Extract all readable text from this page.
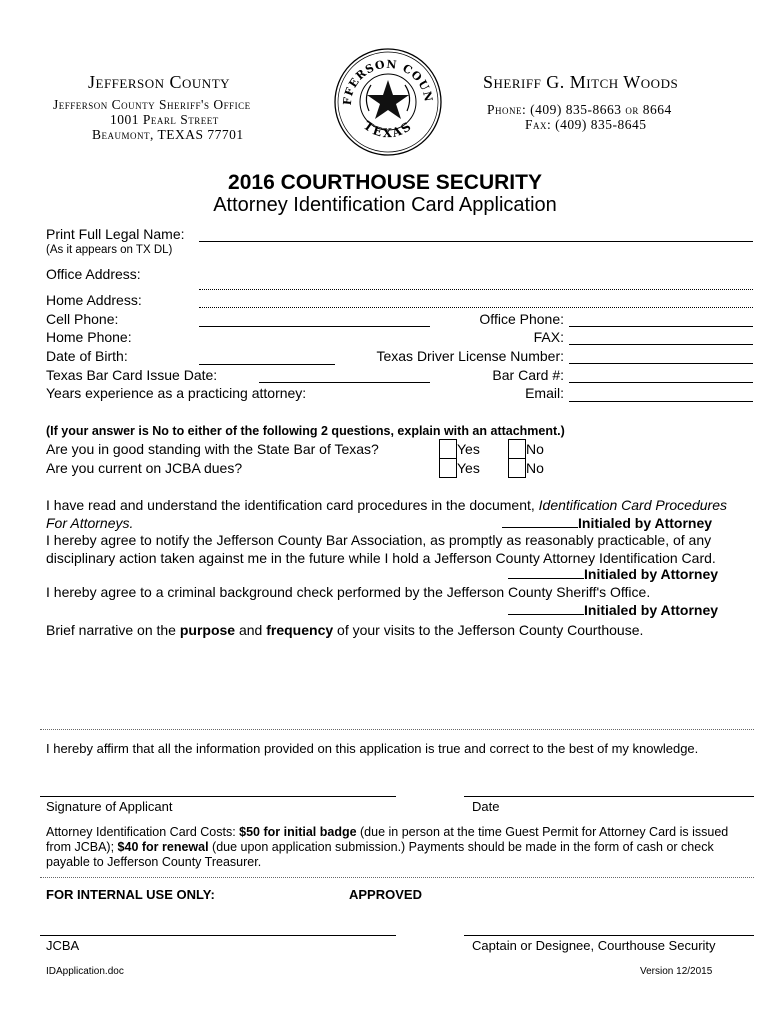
Jefferson County
Jefferson County Sheriff's Office
1001 Pearl Street
Beaumont, TEXAS 77701
Sheriff G. Mitch Woods
Phone: (409) 835-8663 or 8664
Fax: (409) 835-8645
FFERSON COUN
TEXAS
2016 COURTHOUSE SECURITY
Attorney Identification Card Application
Print Full Legal Name:
(As it appears on TX DL)
Office Address:
Home Address:
Cell Phone:	Office Phone:
Home Phone:	FAX:
Date of Birth:	Texas Driver License Number:
Texas Bar Card Issue Date:	Bar Card #:
Years experience as a practicing attorney:	Email:
(If your answer is No to either of the following 2 questions, explain with an attachment.)
Are you in good standing with the State Bar of Texas?	Yes	No
Are you current on JCBA dues?	Yes	No
I have read and understand the identification card procedures in the document, Identification Card Procedures For Attorneys.	Initialed by Attorney
I hereby agree to notify the Jefferson County Bar Association, as promptly as reasonably practicable, of any disciplinary action taken against me in the future while I hold a Jefferson County Attorney Identification Card.
Initialed by Attorney
I hereby agree to a criminal background check performed by the Jefferson County Sheriff's Office.
Initialed by Attorney
Brief narrative on the purpose and frequency of your visits to the Jefferson County Courthouse.
I hereby affirm that all the information provided on this application is true and correct to the best of my knowledge.
Signature of Applicant	Date
Attorney Identification Card Costs: $50 for initial badge (due in person at the time Guest Permit for Attorney Card is issued from JCBA); $40 for renewal (due upon application submission.) Payments should be made in the form of cash or check payable to Jefferson County Treasurer.
FOR INTERNAL USE ONLY:	APPROVED
JCBA	Captain or Designee, Courthouse Security
IDApplication.doc	Version 12/2015
